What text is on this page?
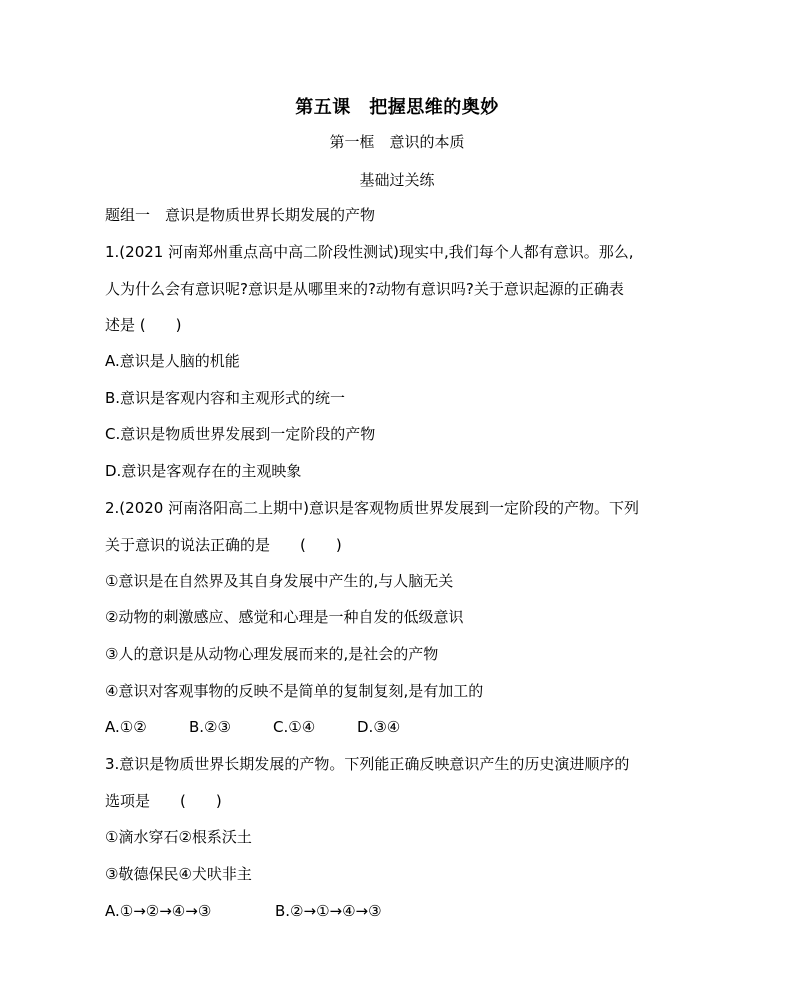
第五课　把握思维的奥妙
第一框　意识的本质
基础过关练
题组一　意识是物质世界长期发展的产物
1.(2021 河南郑州重点高中高二阶段性测试)现实中,我们每个人都有意识。那么,
人为什么会有意识呢?意识是从哪里来的?动物有意识吗?关于意识起源的正确表
述是 (　　)
A.意识是人脑的机能
B.意识是客观内容和主观形式的统一
C.意识是物质世界发展到一定阶段的产物
D.意识是客观存在的主观映象
2.(2020 河南洛阳高二上期中)意识是客观物质世界发展到一定阶段的产物。下列
关于意识的说法正确的是　　(　　)
①意识是在自然界及其自身发展中产生的,与人脑无关
②动物的刺激感应、感觉和心理是一种自发的低级意识
③人的意识是从动物心理发展而来的,是社会的产物
④意识对客观事物的反映不是简单的复制复刻,是有加工的
A.①②	B.②③	C.①④	D.③④
3.意识是物质世界长期发展的产物。下列能正确反映意识产生的历史演进顺序的
选项是　　(　　)
①滴水穿石②根系沃土
③敬德保民④犬吠非主
A.①→②→④→③	B.②→①→④→③
